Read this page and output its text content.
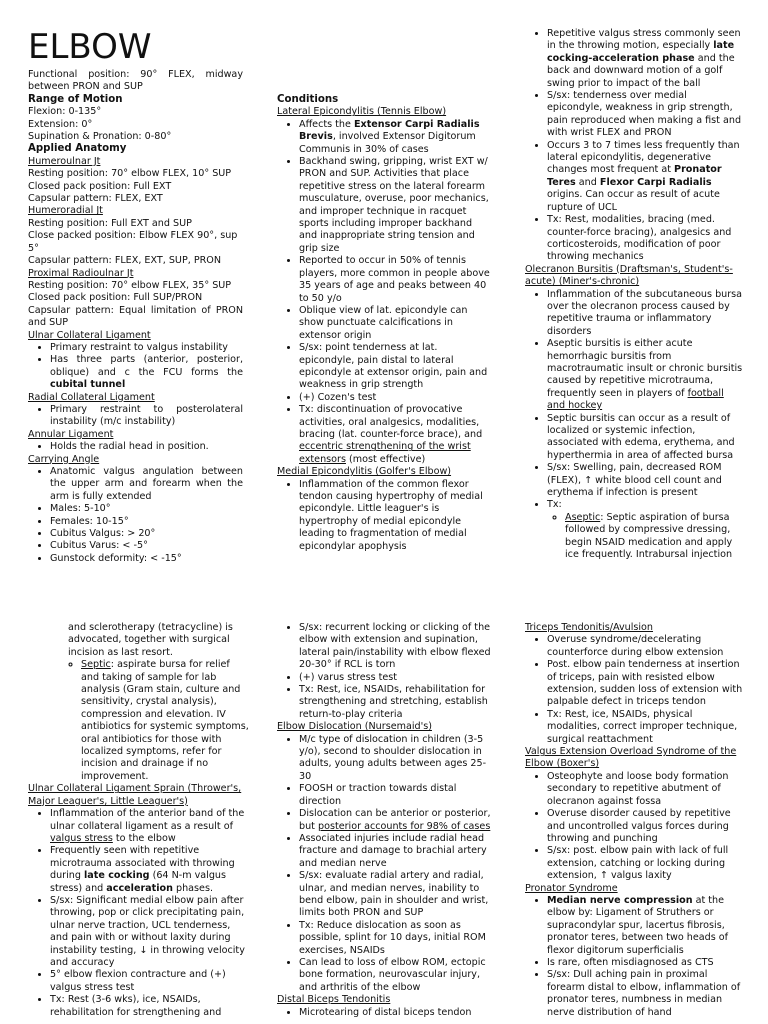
ELBOW

Functional position: 90° FLEX, midway between PRON and SUP

Range of Motion
Flexion: 0-135°
Extension: 0°
Supination & Pronation: 0-80°
Applied Anatomy
Humeroulnar Jt
Resting position: 70° elbow FLEX, 10° SUP
Closed pack position: Full EXT
Capsular pattern: FLEX, EXT
Humeroradial Jt
Resting position: Full EXT and SUP
Close packed position: Elbow FLEX 90°, sup 5°
Capsular pattern: FLEX, EXT, SUP, PRON
Proximal Radioulnar Jt
Resting position: 70° elbow FLEX, 35° SUP
Closed pack position: Full SUP/PRON
Capsular pattern: Equal limitation of PRON and SUP
Ulnar Collateral Ligament
• Primary restraint to valgus instability
• Has three parts (anterior, posterior, oblique) and c the FCU forms the cubital tunnel
Radial Collateral Ligament
• Primary restraint to posterolateral instability (m/c instability)
Annular Ligament
• Holds the radial head in position.
Carrying Angle
• Anatomic valgus angulation between the upper arm and forearm when the arm is fully extended
• Males: 5-10°
• Females: 10-15°
• Cubitus Valgus: > 20°
• Cubitus Varus: < -5°
• Gunstock deformity: < -15°
Conditions
Lateral Epicondylitis (Tennis Elbow)
• Affects the Extensor Carpi Radialis Brevis, involved Extensor Digitorum Communis in 30% of cases
• Backhand swing, gripping, wrist EXT w/ PRON and SUP. Activities that place repetitive stress on the lateral forearm musculature, overuse, poor mechanics, and improper technique in racquet sports including improper backhand and inappropriate string tension and grip size
• Reported to occur in 50% of tennis players, more common in people above 35 years of age and peaks between 40 to 50 y/o
• Oblique view of lat. epicondyle can show punctuate calcifications in extensor origin
• S/sx: point tenderness at lat. epicondyle, pain distal to lateral epicondyle at extensor origin, pain and weakness in grip strength
• (+) Cozen's test
• Tx: discontinuation of provocative activities, oral analgesics, modalities, bracing (lat. counter-force brace), and eccentric strengthening of the wrist extensors (most effective)
Medial Epicondylitis (Golfer's Elbow)
• Inflammation of the common flexor tendon causing hypertrophy of medial epicondyle. Little leaguer's is hypertrophy of medial epicondyle leading to fragmentation of medial epicondylar apophysis
• Repetitive valgus stress commonly seen in the throwing motion, especially late cocking-acceleration phase and the back and downward motion of a golf swing prior to impact of the ball
• S/sx: tenderness over medial epicondyle, weakness in grip strength, pain reproduced when making a fist and with wrist FLEX and PRON
• Occurs 3 to 7 times less frequently than lateral epicondylitis, degenerative changes most frequent at Pronator Teres and Flexor Carpi Radialis origins. Can occur as result of acute rupture of UCL
• Tx: Rest, modalities, bracing (med. counter-force bracing), analgesics and corticosteroids, modification of poor throwing mechanics
Olecranon Bursitis (Draftsman's, Student's-acute) (Miner's-chronic)
• Inflammation of the subcutaneous bursa over the olecranon process caused by repetitive trauma or inflammatory disorders
• Aseptic bursitis is either acute hemorrhagic bursitis from macrotraumatic insult or chronic bursitis caused by repetitive microtrauma, frequently seen in players of football and hockey
• Septic bursitis can occur as a result of localized or systemic infection, associated with edema, erythema, and hyperthermia in area of affected bursa
• S/sx: Swelling, pain, decreased ROM (FLEX), ↑ white blood cell count and erythema if infection is present
• Tx:
◦ Aseptic: Septic aspiration of bursa followed by compressive dressing, begin NSAID medication and apply ice frequently. Intrabursal injection
and sclerotherapy (tetracycline) is advocated, together with surgical incision as last resort.
◦ Septic: aspirate bursa for relief and taking of sample for lab analysis (Gram stain, culture and sensitivity, crystal analysis), compression and elevation. IV antibiotics for systemic symptoms, oral antibiotics for those with localized symptoms, refer for incision and drainage if no improvement.
Ulnar Collateral Ligament Sprain (Thrower's, Major Leaguer's, Little Leaguer's)
• Inflammation of the anterior band of the ulnar collateral ligament as a result of valgus stress to the elbow
• Frequently seen with repetitive microtrauma associated with throwing during late cocking (64 N-m valgus stress) and acceleration phases.
• S/sx: Significant medial elbow pain after throwing, pop or click precipitating pain, ulnar nerve traction, UCL tenderness, and pain with or without laxity during instability testing, ↓ in throwing velocity and accuracy
• 5° elbow flexion contracture and (+) valgus stress test
• Tx: Rest (3-6 wks), ice, NSAIDs, rehabilitation for strengthening and
• S/sx: recurrent locking or clicking of the elbow with extension and supination, lateral pain/instability with elbow flexed 20-30° if RCL is torn
• (+) varus stress test
• Tx: Rest, ice, NSAIDs, rehabilitation for strengthening and stretching, establish return-to-play criteria
Elbow Dislocation (Nursemaid's)
• M/c type of dislocation in children (3-5 y/o), second to shoulder dislocation in adults, young adults between ages 25-30
• FOOSH or traction towards distal direction
• Dislocation can be anterior or posterior, but posterior accounts for 98% of cases
• Associated injuries include radial head fracture and damage to brachial artery and median nerve
• S/sx: evaluate radial artery and radial, ulnar, and median nerves, inability to bend elbow, pain in shoulder and wrist, limits both PRON and SUP
• Tx: Reduce dislocation as soon as possible, splint for 10 days, initial ROM exercises, NSAIDs
• Can lead to loss of elbow ROM, ectopic bone formation, neurovascular injury, and arthritis of the elbow
Distal Biceps Tendonitis
• Microtearing of distal biceps tendon
Triceps Tendonitis/Avulsion
• Overuse syndrome/decelerating counterforce during elbow extension
• Post. elbow pain tenderness at insertion of triceps, pain with resisted elbow extension, sudden loss of extension with palpable defect in triceps tendon
• Tx: Rest, ice, NSAIDs, physical modalities, correct improper technique, surgical reattachment
Valgus Extension Overload Syndrome of the Elbow (Boxer's)
• Osteophyte and loose body formation secondary to repetitive abutment of olecranon against fossa
• Overuse disorder caused by repetitive and uncontrolled valgus forces during throwing and punching
• S/sx: post. elbow pain with lack of full extension, catching or locking during extension, ↑ valgus laxity
Pronator Syndrome
• Median nerve compression at the elbow by: Ligament of Struthers or supracondylar spur, lacertus fibrosis, pronator teres, between two heads of flexor digitorum superficialis
• Is rare, often misdiagnosed as CTS
• S/sx: Dull aching pain in proximal forearm distal to elbow, inflammation of pronator teres, numbness in median nerve distribution of hand
